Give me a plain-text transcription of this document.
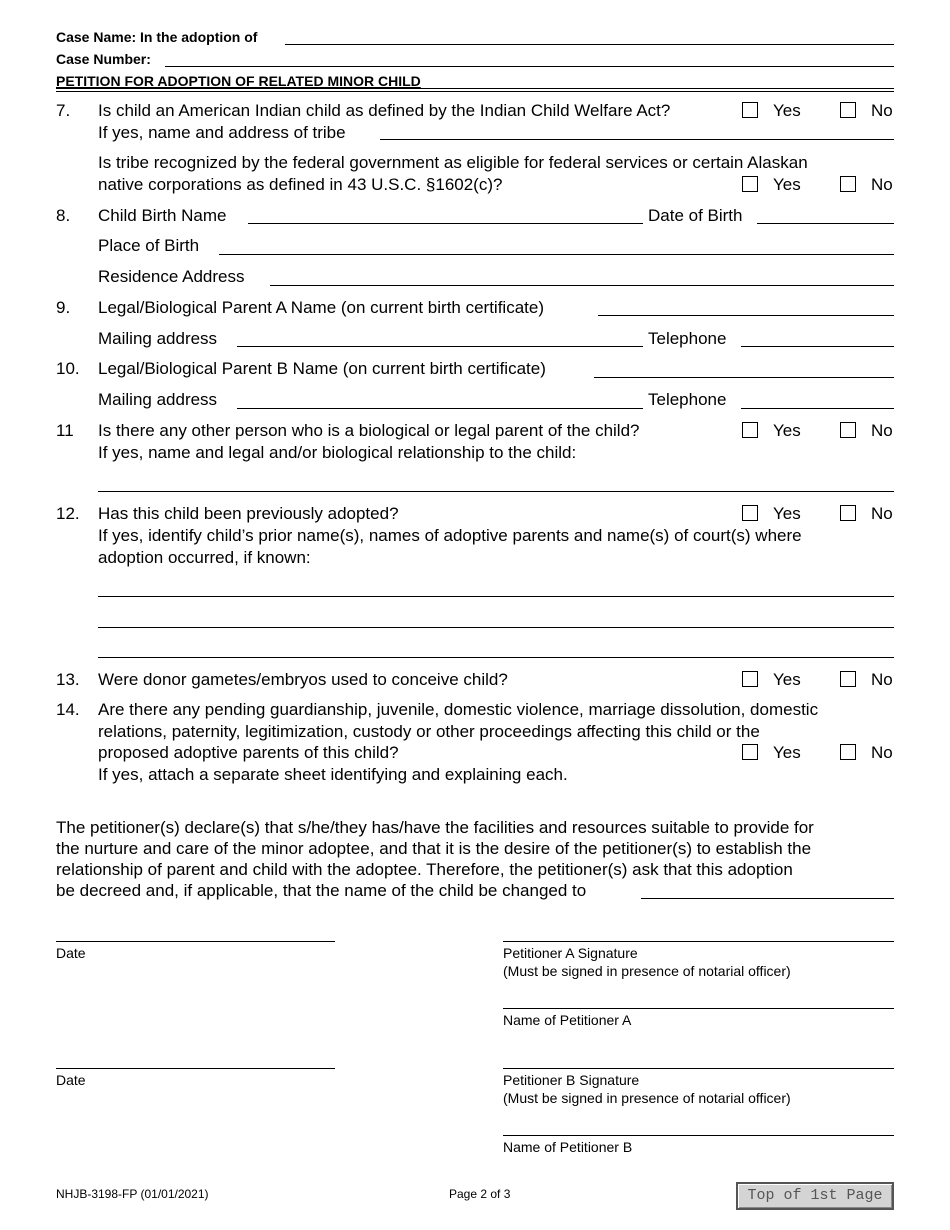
Case Name: In the adoption of
Case Number:
PETITION FOR ADOPTION OF RELATED MINOR CHILD
7. Is child an American Indian child as defined by the Indian Child Welfare Act?	Yes	No
If yes, name and address of tribe
Is tribe recognized by the federal government as eligible for federal services or certain Alaskan
native corporations as defined in 43 U.S.C. §1602(c)?	Yes	No
8. Child Birth Name	Date of Birth
Place of Birth
Residence Address
9. Legal/Biological Parent A Name (on current birth certificate)
Mailing address	Telephone
10. Legal/Biological Parent B Name (on current birth certificate)
Mailing address	Telephone
11 Is there any other person who is a biological or legal parent of the child?	Yes	No
If yes, name and legal and/or biological relationship to the child:
12. Has this child been previously adopted?	Yes	No
If yes, identify child’s prior name(s), names of adoptive parents and name(s) of court(s) where
adoption occurred, if known:
13. Were donor gametes/embryos used to conceive child?	Yes	No
14. Are there any pending guardianship, juvenile, domestic violence, marriage dissolution, domestic
relations, paternity, legitimization, custody or other proceedings affecting this child or the
proposed adoptive parents of this child?	Yes	No
If yes, attach a separate sheet identifying and explaining each.
The petitioner(s) declare(s) that s/he/they has/have the facilities and resources suitable to provide for
the nurture and care of the minor adoptee, and that it is the desire of the petitioner(s) to establish the
relationship of parent and child with the adoptee. Therefore, the petitioner(s) ask that this adoption
be decreed and, if applicable, that the name of the child be changed to
Date	Petitioner A Signature
(Must be signed in presence of notarial officer)
Name of Petitioner A
Date	Petitioner B Signature
(Must be signed in presence of notarial officer)
Name of Petitioner B
NHJB-3198-FP (01/01/2021)	Page 2 of 3	Top of 1st Page
